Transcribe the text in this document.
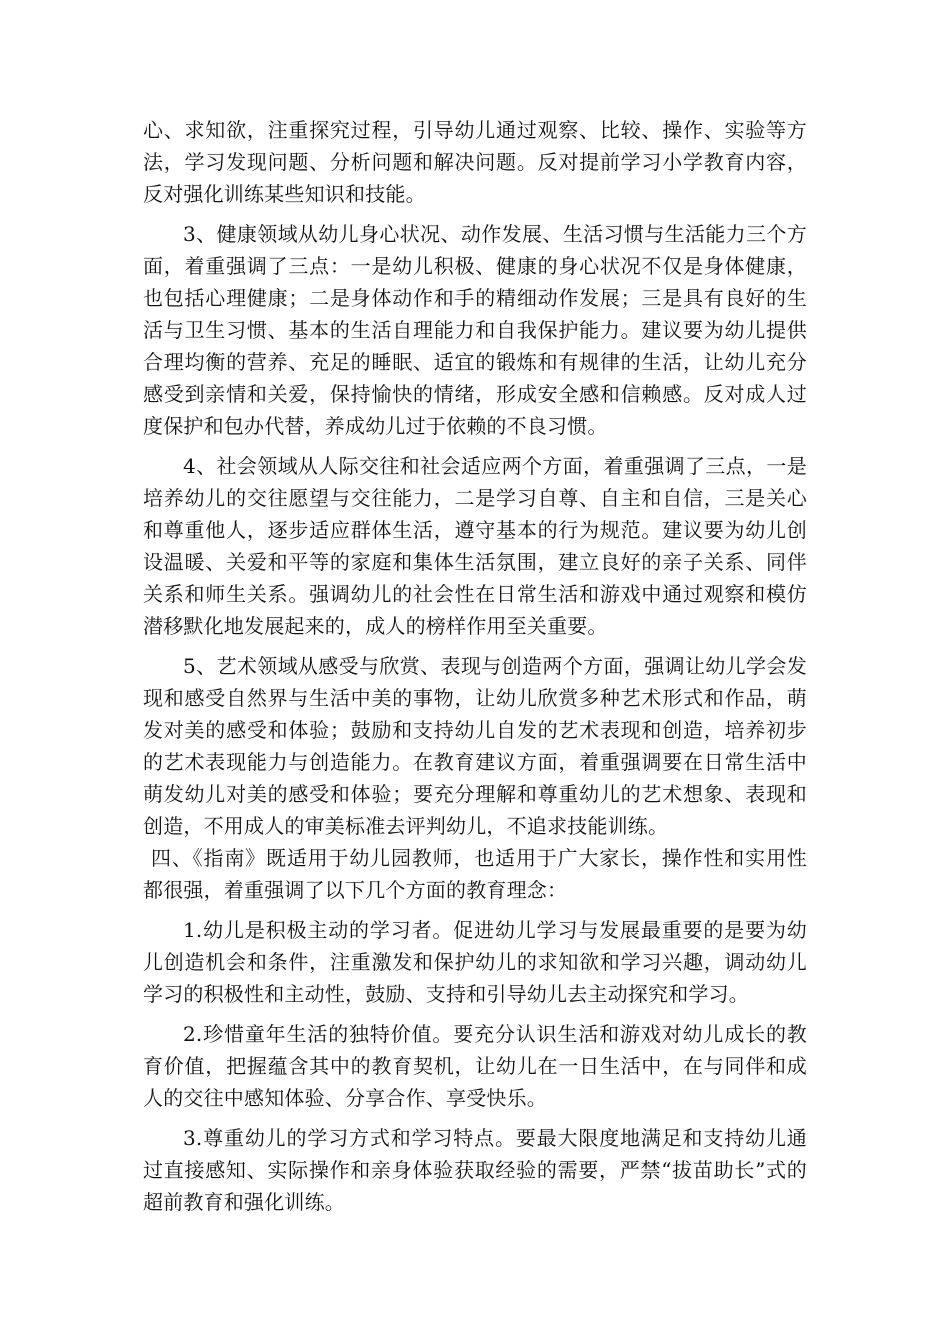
心、求知欲，注重探究过程，引导幼儿通过观察、比较、操作、实验等方法，学习发现问题、分析问题和解决问题。反对提前学习小学教育内容，反对强化训练某些知识和技能。

3、健康领域从幼儿身心状况、动作发展、生活习惯与生活能力三个方面，着重强调了三点：一是幼儿积极、健康的身心状况不仅是身体健康，也包括心理健康；二是身体动作和手的精细动作发展；三是具有良好的生活与卫生习惯、基本的生活自理能力和自我保护能力。建议要为幼儿提供合理均衡的营养、充足的睡眠、适宜的锻炼和有规律的生活，让幼儿充分感受到亲情和关爱，保持愉快的情绪，形成安全感和信赖感。反对成人过度保护和包办代替，养成幼儿过于依赖的不良习惯。

4、社会领域从人际交往和社会适应两个方面，着重强调了三点，一是培养幼儿的交往愿望与交往能力，二是学习自尊、自主和自信，三是关心和尊重他人，逐步适应群体生活，遵守基本的行为规范。建议要为幼儿创设温暖、关爱和平等的家庭和集体生活氛围，建立良好的亲子关系、同伴关系和师生关系。强调幼儿的社会性在日常生活和游戏中通过观察和模仿潜移默化地发展起来的，成人的榜样作用至关重要。

5、艺术领域从感受与欣赏、表现与创造两个方面，强调让幼儿学会发现和感受自然界与生活中美的事物，让幼儿欣赏多种艺术形式和作品，萌发对美的感受和体验；鼓励和支持幼儿自发的艺术表现和创造，培养初步的艺术表现能力与创造能力。在教育建议方面，着重强调要在日常生活中萌发幼儿对美的感受和体验；要充分理解和尊重幼儿的艺术想象、表现和创造，不用成人的审美标准去评判幼儿，不追求技能训练。

四、《指南》既适用于幼儿园教师，也适用于广大家长，操作性和实用性都很强，着重强调了以下几个方面的教育理念：

1.幼儿是积极主动的学习者。促进幼儿学习与发展最重要的是要为幼儿创造机会和条件，注重激发和保护幼儿的求知欲和学习兴趣，调动幼儿学习的积极性和主动性，鼓励、支持和引导幼儿去主动探究和学习。

2.珍惜童年生活的独特价值。要充分认识生活和游戏对幼儿成长的教育价值，把握蕴含其中的教育契机，让幼儿在一日生活中，在与同伴和成人的交往中感知体验、分享合作、享受快乐。

3.尊重幼儿的学习方式和学习特点。要最大限度地满足和支持幼儿通过直接感知、实际操作和亲身体验获取经验的需要，严禁“拔苗助长”式的超前教育和强化训练。
